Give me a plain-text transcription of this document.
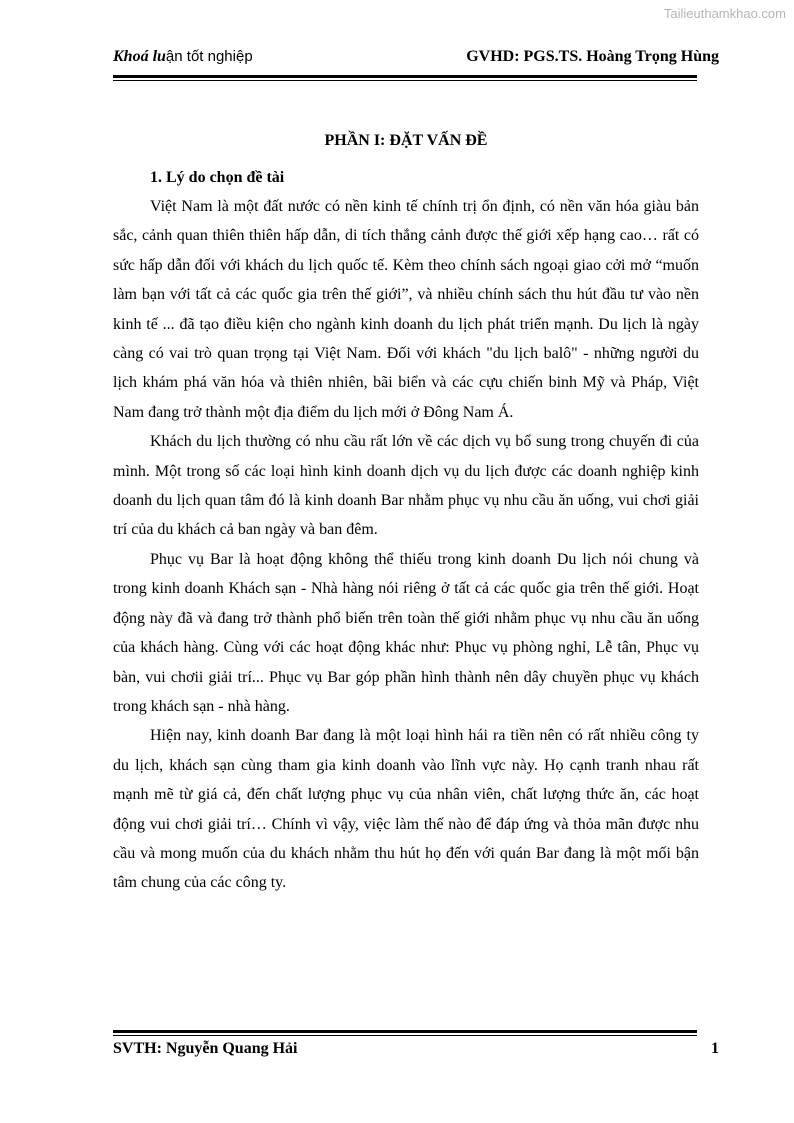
Tailieuthamkhao.com
Khoá luận tốt nghiệp	GVHD: PGS.TS. Hoàng Trọng Hùng
PHẦN I: ĐẶT VẤN ĐỀ
1. Lý do chọn đề tài

Việt Nam là một đất nước có nền kinh tế chính trị ổn định, có nền văn hóa giàu bản sắc, cảnh quan thiên thiên hấp dẫn, di tích thắng cảnh được thế giới xếp hạng cao… rất có sức hấp dẫn đối với khách du lịch quốc tế. Kèm theo chính sách ngoại giao cởi mở “muốn làm bạn với tất cả các quốc gia trên thế giới”, và nhiều chính sách thu hút đầu tư vào nền kinh tế ... đã tạo điều kiện cho ngành kinh doanh du lịch phát triển mạnh. Du lịch là ngày càng có vai trò quan trọng tại Việt Nam. Đối với khách "du lịch balô" - những người du lịch khám phá văn hóa và thiên nhiên, bãi biển và các cựu chiến binh Mỹ và Pháp, Việt Nam đang trở thành một địa điểm du lịch mới ở Đông Nam Á.

Khách du lịch thường có nhu cầu rất lớn về các dịch vụ bổ sung trong chuyến đi của mình. Một trong số các loại hình kinh doanh dịch vụ du lịch được các doanh nghiệp kinh doanh du lịch quan tâm đó là kinh doanh Bar nhằm phục vụ nhu cầu ăn uống, vui chơi giải trí của du khách cả ban ngày và ban đêm.

Phục vụ Bar là hoạt động không thể thiếu trong kinh doanh Du lịch nói chung và trong kinh doanh Khách sạn - Nhà hàng nói riêng ở tất cả các quốc gia trên thế giới. Hoạt động này đã và đang trở thành phổ biến trên toàn thế giới nhằm phục vụ nhu cầu ăn uống của khách hàng. Cùng với các hoạt động khác như: Phục vụ phòng nghỉ, Lễ tân, Phục vụ bàn, vui chơii giải trí... Phục vụ Bar góp phần hình thành nên dây chuyền phục vụ khách trong khách sạn - nhà hàng.

Hiện nay, kinh doanh Bar đang là một loại hình hái ra tiền nên có rất nhiều công ty du lịch, khách sạn cùng tham gia kinh doanh vào lĩnh vực này. Họ cạnh tranh nhau rất mạnh mẽ từ giá cả, đến chất lượng phục vụ của nhân viên, chất lượng thức ăn, các hoạt động vui chơi giải trí… Chính vì vậy, việc làm thế nào để đáp ứng và thỏa mãn được nhu cầu và mong muốn của du khách nhằm thu hút họ đến với quán Bar đang là một mối bận tâm chung của các công ty.

SVTH: Nguyễn Quang Hải	1
